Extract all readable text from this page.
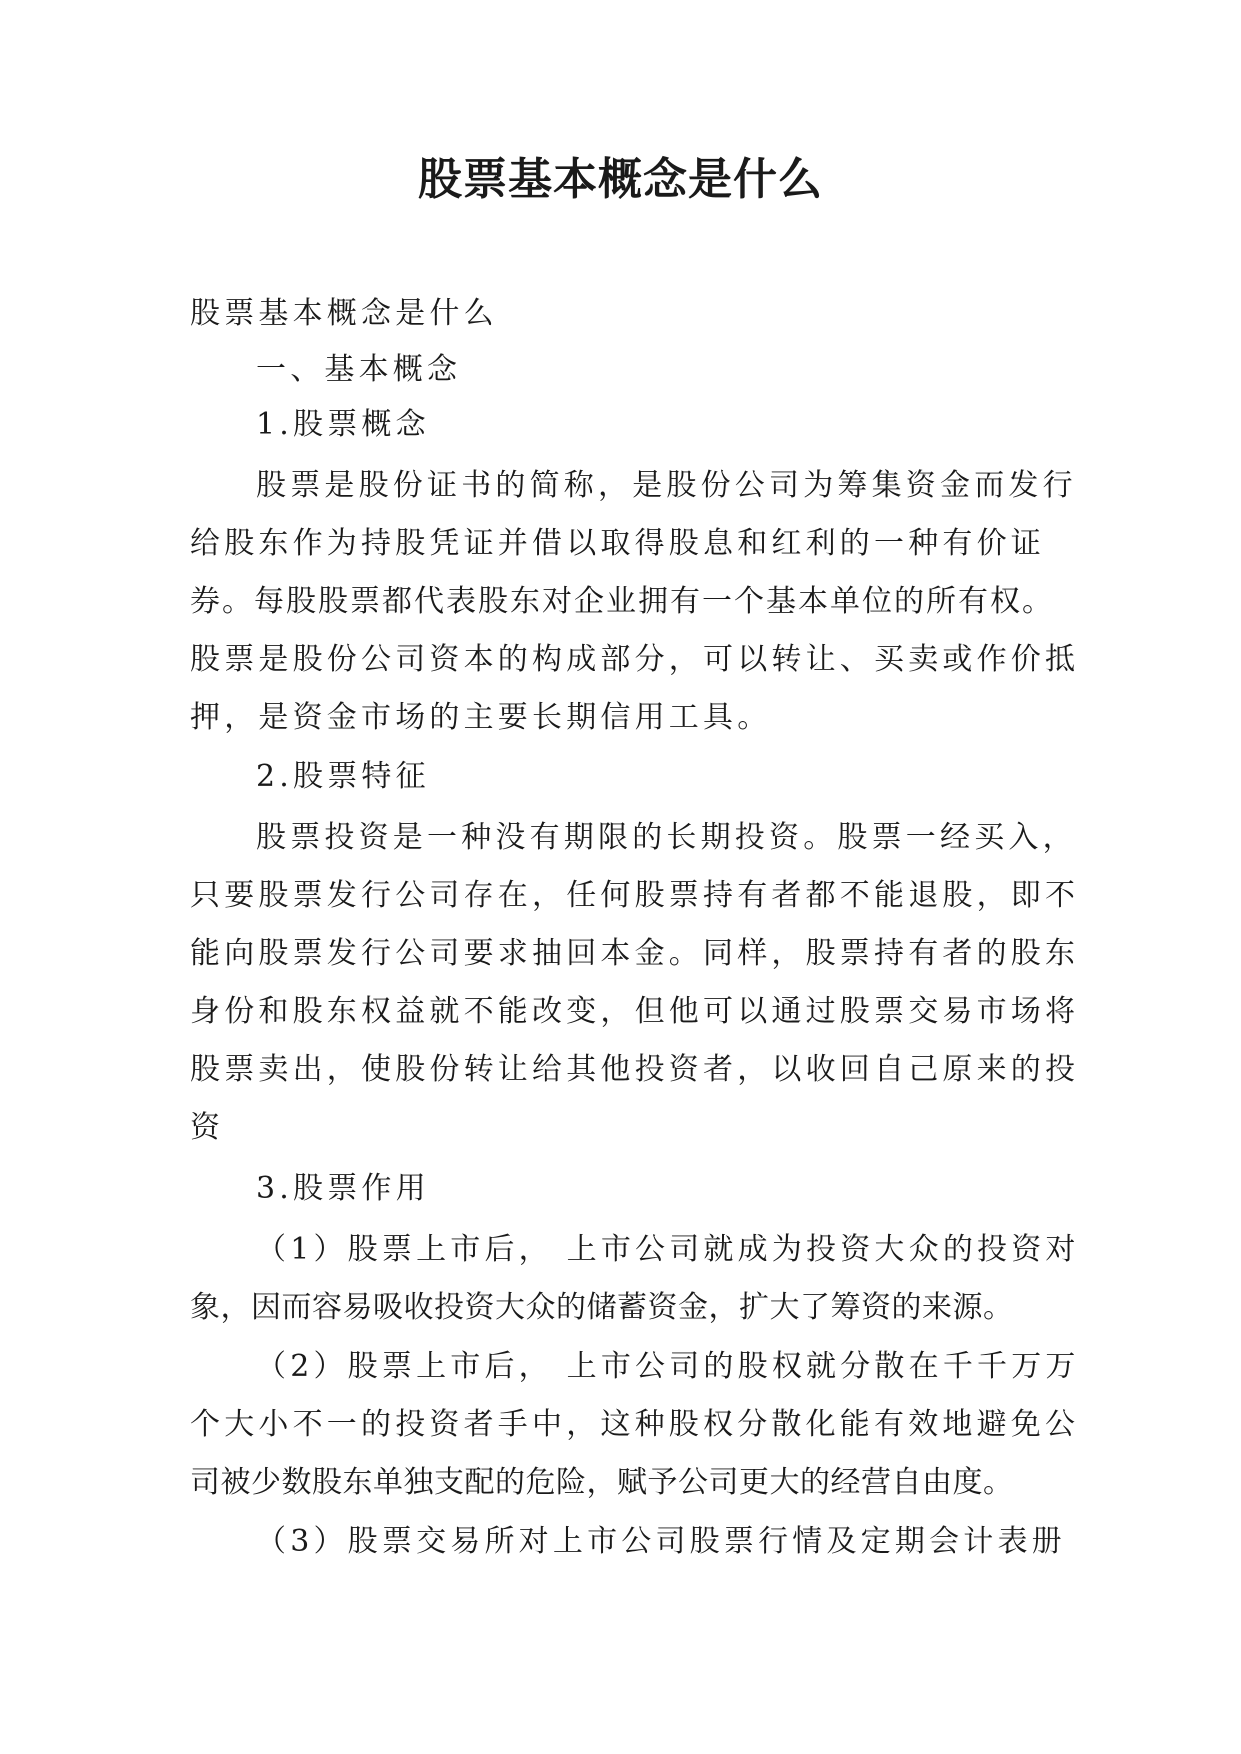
股票基本概念是什么
股票基本概念是什么
一、基本概念
1.股票概念
股票是股份证书的简称，是股份公司为筹集资金而发行
给股东作为持股凭证并借以取得股息和红利的一种有价证
券。每股股票都代表股东对企业拥有一个基本单位的所有权。
股票是股份公司资本的构成部分，可以转让、买卖或作价抵
押，是资金市场的主要长期信用工具。
2.股票特征
股票投资是一种没有期限的长期投资。股票一经买入，
只要股票发行公司存在，任何股票持有者都不能退股，即不
能向股票发行公司要求抽回本金。同样，股票持有者的股东
身份和股东权益就不能改变，但他可以通过股票交易市场将
股票卖出，使股份转让给其他投资者，以收回自己原来的投
资
3.股票作用
（1）股票上市后， 上市公司就成为投资大众的投资对
象，因而容易吸收投资大众的储蓄资金，扩大了筹资的来源。
（2）股票上市后， 上市公司的股权就分散在千千万万
个大小不一的投资者手中，这种股权分散化能有效地避免公
司被少数股东单独支配的危险，赋予公司更大的经营自由度。
（3）股票交易所对上市公司股票行情及定期会计表册
